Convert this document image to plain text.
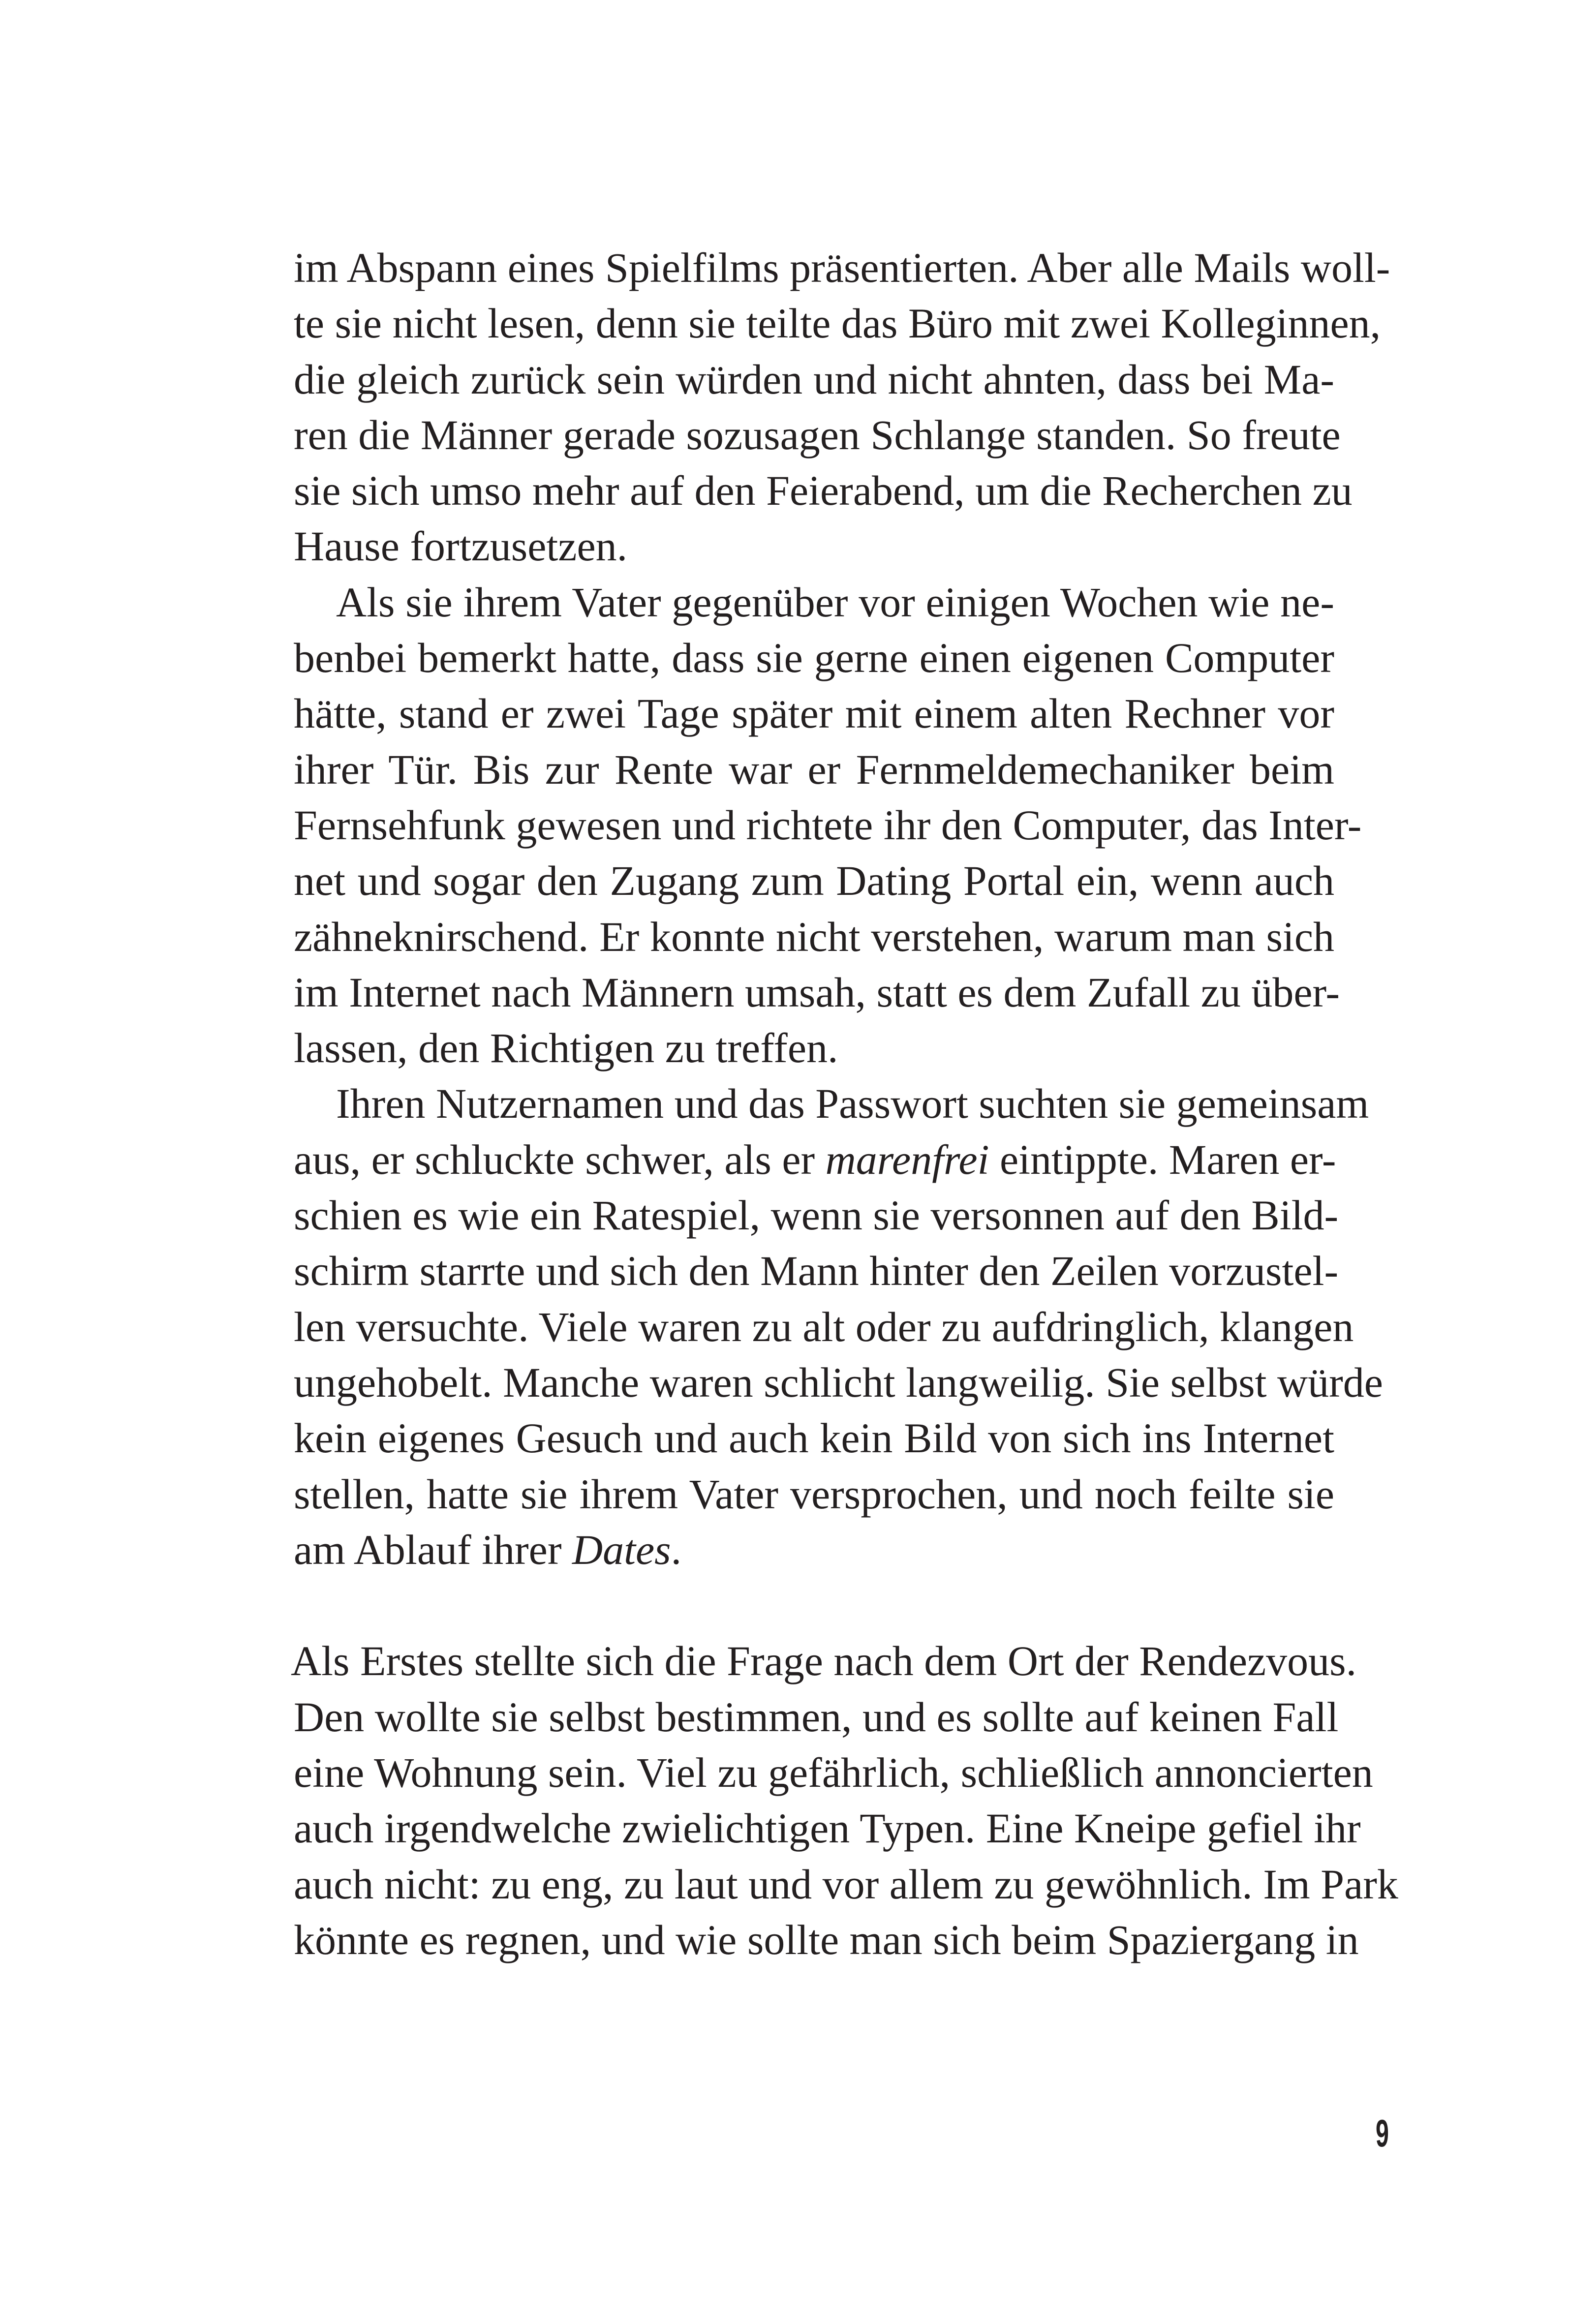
im Abspann eines Spielfilms präsentierten. Aber alle Mails woll-
te sie nicht lesen, denn sie teilte das Büro mit zwei Kolleginnen,
die gleich zurück sein würden und nicht ahnten, dass bei Ma-
ren die Männer gerade sozusagen Schlange standen. So freute
sie sich umso mehr auf den Feierabend, um die Recherchen zu
Hause fortzusetzen.
Als sie ihrem Vater gegenüber vor einigen Wochen wie ne-
benbei bemerkt hatte, dass sie gerne einen eigenen Computer
hätte, stand er zwei Tage später mit einem alten Rechner vor
ihrer Tür. Bis zur Rente war er Fernmeldemechaniker beim
Fernsehfunk gewesen und richtete ihr den Computer, das Inter-
net und sogar den Zugang zum Dating Portal ein, wenn auch
zähneknirschend. Er konnte nicht verstehen, warum man sich
im Internet nach Männern umsah, statt es dem Zufall zu über-
lassen, den Richtigen zu treffen.
Ihren Nutzernamen und das Passwort suchten sie gemeinsam
aus, er schluckte schwer, als er marenfrei eintippte. Maren er-
schien es wie ein Ratespiel, wenn sie versonnen auf den Bild-
schirm starrte und sich den Mann hinter den Zeilen vorzustel-
len versuchte. Viele waren zu alt oder zu aufdringlich, klangen
ungehobelt. Manche waren schlicht langweilig. Sie selbst würde
kein eigenes Gesuch und auch kein Bild von sich ins Internet
stellen, hatte sie ihrem Vater versprochen, und noch feilte sie
am Ablauf ihrer Dates.
Als Erstes stellte sich die Frage nach dem Ort der Rendezvous.
Den wollte sie selbst bestimmen, und es sollte auf keinen Fall
eine Wohnung sein. Viel zu gefährlich, schließlich annoncierten
auch irgendwelche zwielichtigen Typen. Eine Kneipe gefiel ihr
auch nicht: zu eng, zu laut und vor allem zu gewöhnlich. Im Park
könnte es regnen, und wie sollte man sich beim Spaziergang in
9
